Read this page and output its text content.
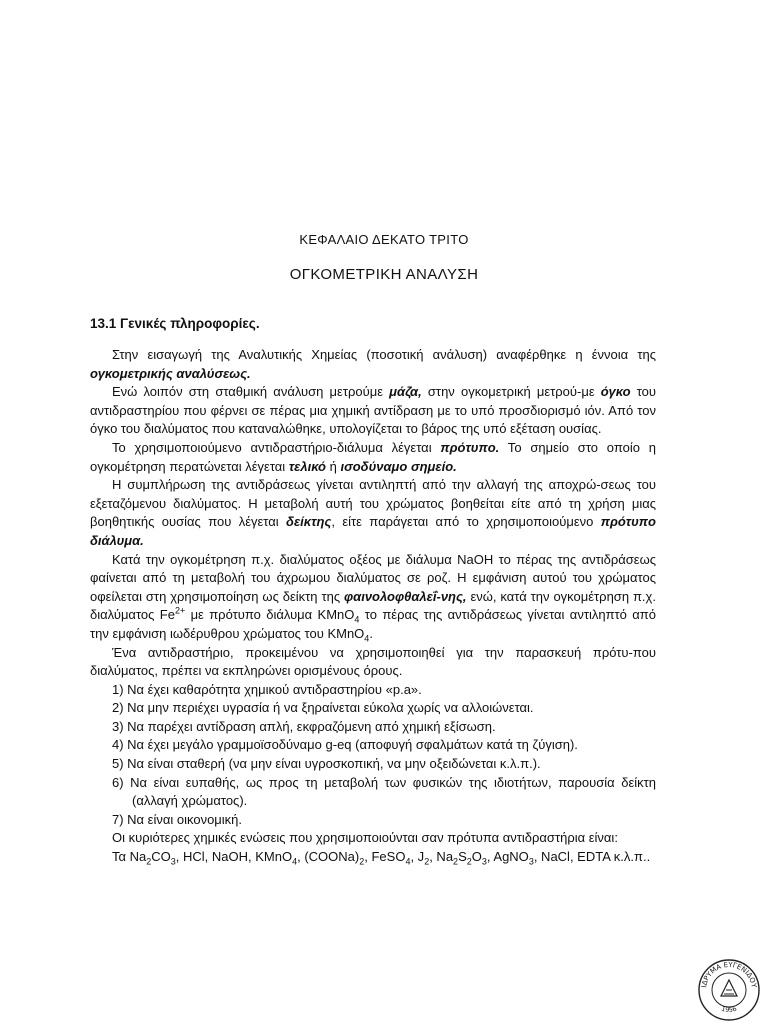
ΚΕΦΑΛΑΙΟ ΔΕΚΑΤΟ ΤΡΙΤΟ
ΟΓΚΟΜΕΤΡΙΚΗ ΑΝΑΛΥΣΗ
13.1 Γενικές πληροφορίες.

Στην εισαγωγή της Αναλυτικής Χημείας (ποσοτική ανάλυση) αναφέρθηκε η έννοια της ογκομετρικής αναλύσεως.

Ενώ λοιπόν στη σταθμική ανάλυση μετρούμε μάζα, στην ογκομετρική μετρού-με όγκο του αντιδραστηρίου που φέρνει σε πέρας μια χημική αντίδραση με το υπό προσδιορισμό ιόν. Από τον όγκο του διαλύματος που καταναλώθηκε, υπολογίζεται το βάρος της υπό εξέταση ουσίας.

Το χρησιμοποιούμενο αντιδραστήριο-διάλυμα λέγεται πρότυπο. Το σημείο στο οποίο η ογκομέτρηση περατώνεται λέγεται τελικό ή ισοδύναμο σημείο.

Η συμπλήρωση της αντιδράσεως γίνεται αντιληπτή από την αλλαγή της αποχρώ-σεως του εξεταζόμενου διαλύματος. Η μεταβολή αυτή του χρώματος βοηθείται είτε από τη χρήση μιας βοηθητικής ουσίας που λέγεται δείκτης, είτε παράγεται από το χρησιμοποιούμενο πρότυπο διάλυμα.

Κατά την ογκομέτρηση π.χ. διαλύματος οξέος με διάλυμα NaOH το πέρας της αντιδράσεως φαίνεται από τη μεταβολή του άχρωμου διαλύματος σε ροζ. Η εμφάνιση αυτού του χρώματος οφείλεται στη χρησιμοποίηση ως δείκτη της φαινολοφθαλεΐ-νης, ενώ, κατά την ογκομέτρηση π.χ. διαλύματος $Fe^{2+}$ με πρότυπο διάλυμα KMnO$_4$ το πέρας της αντιδράσεως γίνεται αντιληπτό από την εμφάνιση ιωδέρυθρου χρώματος του KMnO$_4$.

Ένα αντιδραστήριο, προκειμένου να χρησιμοποιηθεί για την παρασκευή πρότυ-που διαλύματος, πρέπει να εκπληρώνει ορισμένους όρους.

1) Να έχει καθαρότητα χημικού αντιδραστηρίου «p.a».

2) Να μην περιέχει υγρασία ή να ξηραίνεται εύκολα χωρίς να αλλοιώνεται.

3) Να παρέχει αντίδραση απλή, εκφραζόμενη από χημική εξίσωση.

4) Να έχει μεγάλο γραμμοϊσοδύναμο g-eq (αποφυγή σφαλμάτων κατά τη ζύγιση).

5) Να είναι σταθερή (να μην είναι υγροσκοπική, να μην οξειδώνεται κ.λ.π.).

6) Να είναι ευπαθής, ως προς τη μεταβολή των φυσικών της ιδιοτήτων, παρουσία δείκτη (αλλαγή χρώματος).

7) Να είναι οικονομική.

Οι κυριότερες χημικές ενώσεις που χρησιμοποιούνται σαν πρότυπα αντιδραστήρια είναι:

Τα $Na_2CO_3$, HCl, NaOH, KMnO$_4$, $(COONa)_2$, FeSO$_4$, $J_2$, $Na_2S_2O_3$, AgNO$_3$, NaCl, EDTA κ.λ.π..

ΙΔΡΥΜΑ ΕΥΓΕΝΙΔΟΥ
1956
